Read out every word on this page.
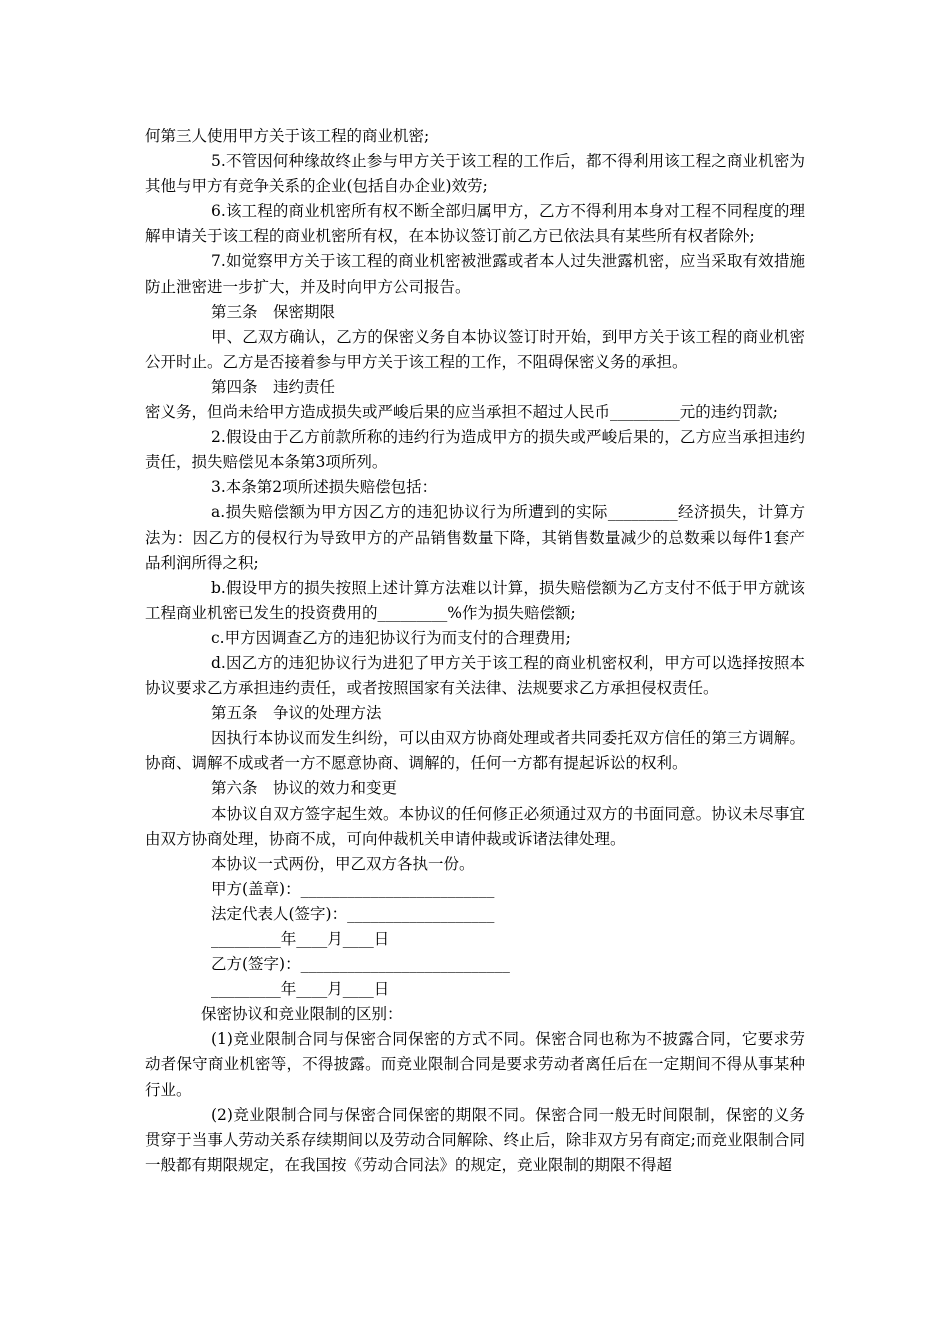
何第三人使用甲方关于该工程的商业机密;

5.不管因何种缘故终止参与甲方关于该工程的工作后，都不得利用该工程之商业机密为其他与甲方有竞争关系的企业(包括自办企业)效劳;

6.该工程的商业机密所有权不断全部归属甲方，乙方不得利用本身对工程不同程度的理解申请关于该工程的商业机密所有权，在本协议签订前乙方已依法具有某些所有权者除外;

7.如觉察甲方关于该工程的商业机密被泄露或者本人过失泄露机密，应当采取有效措施防止泄密进一步扩大，并及时向甲方公司报告。

第三条　保密期限

甲、乙双方确认，乙方的保密义务自本协议签订时开始，到甲方关于该工程的商业机密公开时止。乙方是否接着参与甲方关于该工程的工作，不阻碍保密义务的承担。

第四条　违约责任

密义务，但尚未给甲方造成损失或严峻后果的应当承担不超过人民币_________元的违约罚款;

2.假设由于乙方前款所称的违约行为造成甲方的损失或严峻后果的，乙方应当承担违约责任，损失赔偿见本条第3项所列。

3.本条第2项所述损失赔偿包括：

a.损失赔偿额为甲方因乙方的违犯协议行为所遭到的实际_________经济损失，计算方法为：因乙方的侵权行为导致甲方的产品销售数量下降，其销售数量减少的总数乘以每件1套产品利润所得之积;

b.假设甲方的损失按照上述计算方法难以计算，损失赔偿额为乙方支付不低于甲方就该工程商业机密已发生的投资费用的_________%作为损失赔偿额;

c.甲方因调查乙方的违犯协议行为而支付的合理费用;

d.因乙方的违犯协议行为进犯了甲方关于该工程的商业机密权利，甲方可以选择按照本协议要求乙方承担违约责任，或者按照国家有关法律、法规要求乙方承担侵权责任。

第五条　争议的处理方法

因执行本协议而发生纠纷，可以由双方协商处理或者共同委托双方信任的第三方调解。协商、调解不成或者一方不愿意协商、调解的，任何一方都有提起诉讼的权利。

第六条　协议的效力和变更

本协议自双方签字起生效。本协议的任何修正必须通过双方的书面同意。协议未尽事宜由双方协商处理，协商不成，可向仲裁机关申请仲裁或诉诸法律处理。

本协议一式两份，甲乙双方各执一份。

甲方(盖章)：_________________________

法定代表人(签字)：___________________

_________年____月____日

乙方(签字)：___________________________

_________年____月____日

保密协议和竞业限制的区别：

(1)竞业限制合同与保密合同保密的方式不同。保密合同也称为不披露合同，它要求劳动者保守商业机密等，不得披露。而竞业限制合同是要求劳动者离任后在一定期间不得从事某种行业。

(2)竞业限制合同与保密合同保密的期限不同。保密合同一般无时间限制，保密的义务贯穿于当事人劳动关系存续期间以及劳动合同解除、终止后，除非双方另有商定;而竞业限制合同一般都有期限规定，在我国按《劳动合同法》的规定，竞业限制的期限不得超
